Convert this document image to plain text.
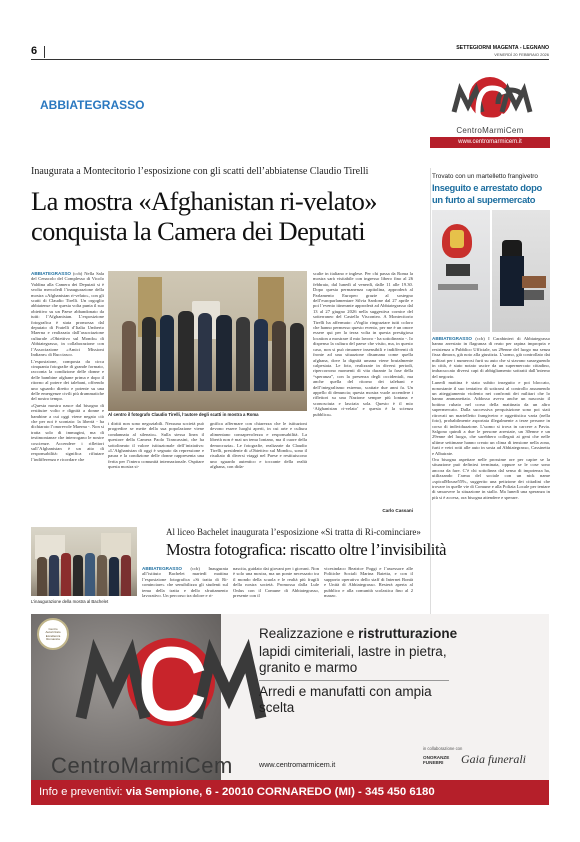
6	SETTEGIORNI MAGENTA - LEGNANO
VENERDÌ 20 FEBBRAIO 2026
ABBIATEGRASSO
CentroMarmiCem
www.centromarmicem.it
Inaugurata a Montecitorio l’esposizione con gli scatti dell’abbiatense Claudio Tirelli
La mostra «Afghanistan ri-velato»
conquista la Camera dei Deputati

ABBIATEGRASSO (ccb) Nella Sala del Cenacolo del Complesso di Vicolo Valdina alla Camera dei Deputati si è svolta mercoledì l’inaugurazione della mostra «Afghanistan ri-velato», con gli scatti di Claudio Tirelli. Un orgoglio abbiatense che questa volta punta il suo obiettivo su un Paese abbandonato da tutti: l’Afghanistan. L’esposizione fotografica è stata promossa dal deputato di Fratelli d’Italia Umberto Maerna e realizzata dall’associazione culturale «Obiettivo sul Mondo» di Abbiategrasso, in collaborazione con l’Associazione «Amici Missioni Indiane» di Rucciasco.

L’esposizione, composta da circa cinquanta fotografie di grande formato, racconta la condizione delle donne e delle bambine afghane prima e dopo il ritorno al potere dei talebani, offrendo uno sguardo diretto e potente su una delle emergenze civili più drammatiche del nostro tempo.

«Questa mostra nasce dal bisogno di restituire volto e dignità a donne e bambine a cui oggi viene negato ciò che per noi è scontato: la libertà - ha dichiarato l’onorevole Maerna -. Non si tratta solo di immagini, ma di testimonianze che interrogano le nostre coscienze. Accendere i riflettori sull’Afghanistan è un atto di responsabilità: significa rifiutare l’indifferenza e ricordare che

Al centro il fotografo Claudio Tirelli, l’autore degli scatti in mostra a Roma
i diritti non sono negoziabili. Nessuna società può progredire se mette della sua popolazione viene condannata al silenzio». Sulla stessa linea il questore della Camera Paolo Trancassini, che ha sottolineato il valore istituzionale dell’iniziativa: «L’Afghanistan di oggi è segnato da repressione e paura e la condizione delle donne rappresenta una ferita per l’intera comunità internazionale. Ospitare questa mostra si-
gnifica affermare con chiarezza che le istituzioni devono essere luoghi aperti, in cui arte e cultura alimentano consapevolezza e responsabilità. La libertà non è mai un tema lontano, ma il cuore della democrazia». Le fotografie, realizzate da Claudio Tirelli, presidente di «Obiettivo sul Mondo», sono il risultato di diversi viaggi nel Paese e restituiscono uno sguardo autentico e toccante della realtà afghana, con dida-
scalie in italiano e inglese. Per chi passa da Roma la mostra sarà visitabile con ingresso libero fino al 26 febbraio, dal lunedì al venerdì, dalle 11 alle 19.30. Dopo questa permanenza capitolina, approderà al Parlamento Europeo grazie al sostegno dell’europarlamentare Silvia Sardone dal 27 aprile e poi l’evento itinerante approderà ad Abbiategrasso dal 13 al 27 giugno 2026 nella suggestiva cornice del sotterraneo del Castello Visconteo. A Montecitorio Tirelli ha affermato: «Voglio ringraziare tutti coloro che hanno permesso questo evento, per me è un onore essere qui per la terza volta in questa prestigiosa location a mostrare il mio lavoro - ha sottolineato -. Io dispenso la cultura del paese che visito, ma, in questo caso, non si può rimanere insensibili e indifferenti di fronte ad una situazione disumana come quella afghana, dove la dignità umana viene brutalmente calpestata. Le foto, realizzate in diversi periodi, ripercorrono momenti di vita durante la fase della “speranza”, con la presenza degli occidentali, ma anche quella del ritorno dei talebani e dell’integralismo estremo, scattate due anni fa. Un appello di denuncia; questa mostra vuole accendere i riflettori su una Nazione sempre più lontana e sconosciuta e lasciata sola. Questo è il mio ‘Afghanistan ri-velato’ e questa è la scienza pubblica».
Carlo Cassani
Trovato con un martelletto frangivetro
Inseguito e arrestato dopo
un furto al supermercato

ABBIATEGRASSO (ccb) I Carabinieri di Abbiategrasso hanno arrestato in flagranza di reato per rapina impropria e resistenza a Pubblico Ufficiale, un 29enne del luogo ma senza fissa dimora, già noto alla giustizia. L’uomo, già controllato dai militari per i numerosi furti su auto che si stavano susseguendo in città, è stato notato uscire da un supermercato cittadino, imbacuccato diversi capi di abbigliamento sottratti dall’interno del negozio.

Lunedì mattina è stato subito inseguito e poi bloccato, nonostante il suo tentativo di sottrarsi al controllo assumendo un atteggiamento violento nei confronti dei militari che lo hanno ammanettato. Addosso aveva anche un nascosto il bottino rubato nel corso della mattinata da un altro supermercato. Dalla successiva perquisizione sono poi stati ritrovati un martelletto frangivetro e oggettistica varia (nella foto), probabilmente asportata illegalmente a terze persone in corso di individuazione. L’uomo si trova in carcere a Pavia. Salgono quindi a due le persone arrestate, un 30enne e un 29enne del luogo, che sarebbero collegati ai geni che nelle ultime settimane hanno creato un clima di tensione nella zona, furti e vetri rotti alle auto in sosta ad Abbiategrasso, Cassinetta e Albairate.

Ora bisogna aspettare nelle prossime ore per capire se la situazione può definirsi terminata, oppure se le cose sono ancora da fare. C’è chi sottolinea dal senso di impotenza ha, utilizzando l’arma del sociale con un nick name «spicalMouse559», suggerito una petizione dei cittadini che trovare in quelle vie di Comune e alla Polizia Locale per tentare di smuovere la situazione in stallo. Ma lunedì una speranza in più si è accesa, ora bisogna attendere e sperare.

L’inaugurazione della mostra al Bachelet
Al liceo Bachelet inaugurata l’esposizione «Si tratta di Ri-cominciare»
Mostra fotografica: riscatto oltre l’invisibilità
ABBIATEGRASSO (ccb) Inaugurata all’istituto Bachelet martedì mattina l’esposizione fotografica «Si tratta di Ri-cominciare» che sensibilizza gli studenti sul tema della tratta e dello sfruttamento lavorativo. Un percorso tra dolore e ri-
nascita, guidato dai giovani per i giovani. Non è solo una mostra, ma un ponte necessario tra il mondo della scuola e le realtà più fragili della nostra società. Promossa dalla Lule Onlus con il Comune di Abbiategrasso, presente con il
vicesindaco Beatrice Poggi e l’assessore alle Politiche Sociali Marina Baietta, e con il supporto operativo dello staff di Internet Bontà e Unità di Abbiategrasso. Resterà aperta al pubblico e alla comunità scolastica fino al 2 marzo.
Centro Autorizzato Eccellenza Romanica
CentroMarmiCem
Realizzazione e ristrutturazione
lapidi cimiteriali, lastre in pietra, granito e marmo
Arredi e manufatti con ampia scelta
www.centromarmicem.it
in collaborazione con
ONORANZE FUNEBRI	Gaia funerali
Info e preventivi: via Sempione, 6 - 20010 CORNAREDO (MI) - 345 450 6180
